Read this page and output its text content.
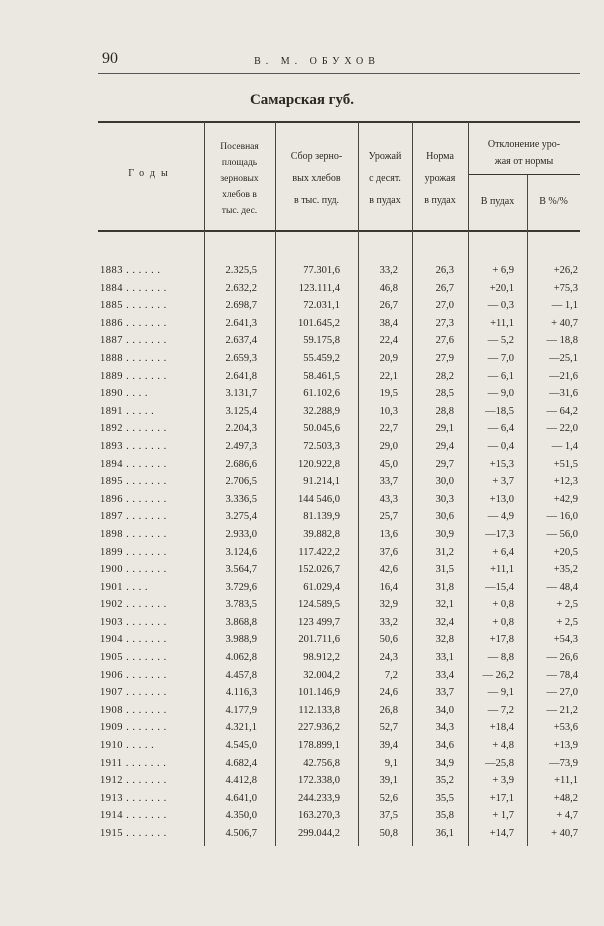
90	В. М. ОБУХОВ
Самарская губ.
Годы
Посевная
площадь
зерновых
хлебов в
тыс. дес.
Сбор зерно-
вых хлебов
в тыс. пуд.
Урожай
с десят.
в пудах
Норма
урожая
в пудах
Отклонение уро-
жая от нормы
В пудах	В %/%
1883 . . . . . .	2.325,5	77.301,6	33,2	26,3	+ 6,9	+26,2
1884 . . . . . . .	2.632,2	123.111,4	46,8	26,7	+20,1	+75,3
1885 . . . . . . .	2.698,7	72.031,1	26,7	27,0	— 0,3	— 1,1
1886 . . . . . . .	2.641,3	101.645,2	38,4	27,3	+11,1	+ 40,7
1887 . . . . . . .	2.637,4	59.175,8	22,4	27,6	— 5,2	— 18,8
1888 . . . . . . .	2.659,3	55.459,2	20,9	27,9	— 7,0	—25,1
1889 . . . . . . .	2.641,8	58.461,5	22,1	28,2	— 6,1	—21,6
1890 . . . .	3.131,7	61.102,6	19,5	28,5	— 9,0	—31,6
1891 . . . . .	3.125,4	32.288,9	10,3	28,8	—18,5	— 64,2
1892 . . . . . . .	2.204,3	50.045,6	22,7	29,1	— 6,4	— 22,0
1893 . . . . . . .	2.497,3	72.503,3	29,0	29,4	— 0,4	— 1,4
1894 . . . . . . .	2.686,6	120.922,8	45,0	29,7	+15,3	+51,5
1895 . . . . . . .	2.706,5	91.214,1	33,7	30,0	+ 3,7	+12,3
1896 . . . . . . .	3.336,5	144 546,0	43,3	30,3	+13,0	+42,9
1897 . . . . . . .	3.275,4	81.139,9	25,7	30,6	— 4,9	— 16,0
1898 . . . . . . .	2.933,0	39.882,8	13,6	30,9	—17,3	— 56,0
1899 . . . . . . .	3.124,6	117.422,2	37,6	31,2	+ 6,4	+20,5
1900 . . . . . . .	3.564,7	152.026,7	42,6	31,5	+11,1	+35,2
1901 . . . .	3.729,6	61.029,4	16,4	31,8	—15,4	— 48,4
1902 . . . . . . .	3.783,5	124.589,5	32,9	32,1	+ 0,8	+ 2,5
1903 . . . . . . .	3.868,8	123 499,7	33,2	32,4	+ 0,8	+ 2,5
1904 . . . . . . .	3.988,9	201.711,6	50,6	32,8	+17,8	+54,3
1905 . . . . . . .	4.062,8	98.912,2	24,3	33,1	— 8,8	— 26,6
1906 . . . . . . .	4.457,8	32.004,2	7,2	33,4	— 26,2	— 78,4
1907 . . . . . . .	4.116,3	101.146,9	24,6	33,7	— 9,1	— 27,0
1908 . . . . . . .	4.177,9	112.133,8	26,8	34,0	— 7,2	— 21,2
1909 . . . . . . .	4.321,1	227.936,2	52,7	34,3	+18,4	+53,6
1910 . . . . .	4.545,0	178.899,1	39,4	34,6	+ 4,8	+13,9
1911 . . . . . . .	4.682,4	42.756,8	9,1	34,9	—25,8	—73,9
1912 . . . . . . .	4.412,8	172.338,0	39,1	35,2	+ 3,9	+11,1
1913 . . . . . . .	4.641,0	244.233,9	52,6	35,5	+17,1	+48,2
1914 . . . . . . .	4.350,0	163.270,3	37,5	35,8	+ 1,7	+ 4,7
1915 . . . . . . .	4.506,7	299.044,2	50,8	36,1	+14,7	+ 40,7
